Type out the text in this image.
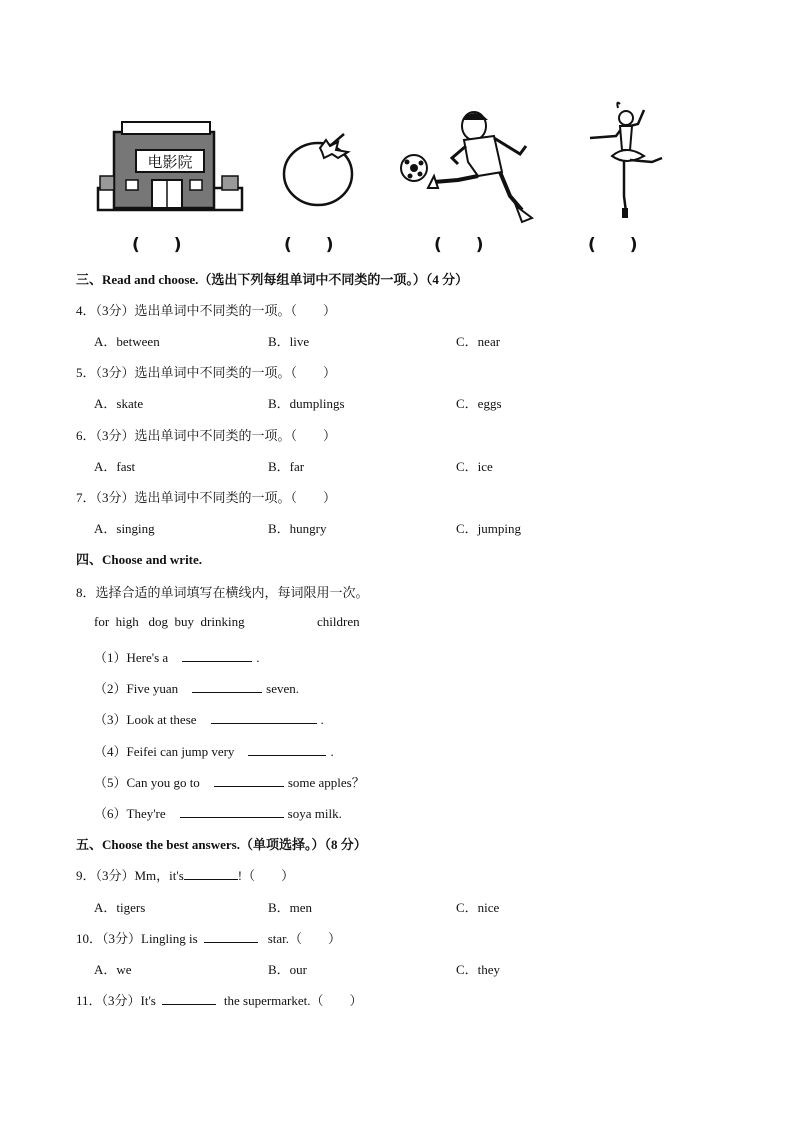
电影院
(　　)	(　　)	(　　)	(　　)
三、Read and choose.（选出下列每组单词中不同类的一项。）（4 分）
4．（3分）选出单词中不同类的一项。（　　）
A．between	B．live	C．near
5．（3分）选出单词中不同类的一项。（　　）
A．skate	B．dumplings	C．eggs
6．（3分）选出单词中不同类的一项。（　　）
A．fast	B．far	C．ice
7．（3分）选出单词中不同类的一项。（　　）
A．singing	B．hungry	C．jumping
四、Choose and write.
8．选择合适的单词填写在横线内，每词限用一次。
for  high   dog  buy  drinking	children
（1）Here's a	.
（2）Five yuan	seven.
（3）Look at these	.
（4）Feifei can jump very	.
（5）Can you go to	some apples？
（6）They're	soya milk.
五、Choose the best answers.（单项选择。）（8 分）
9．（3分）Mm，it's	!（　　）
A．tigers	B．men	C．nice
10．（3分）Lingling is	star.（　　）
A．we	B．our	C．they
11．（3分）It's	the supermarket.（　　）
